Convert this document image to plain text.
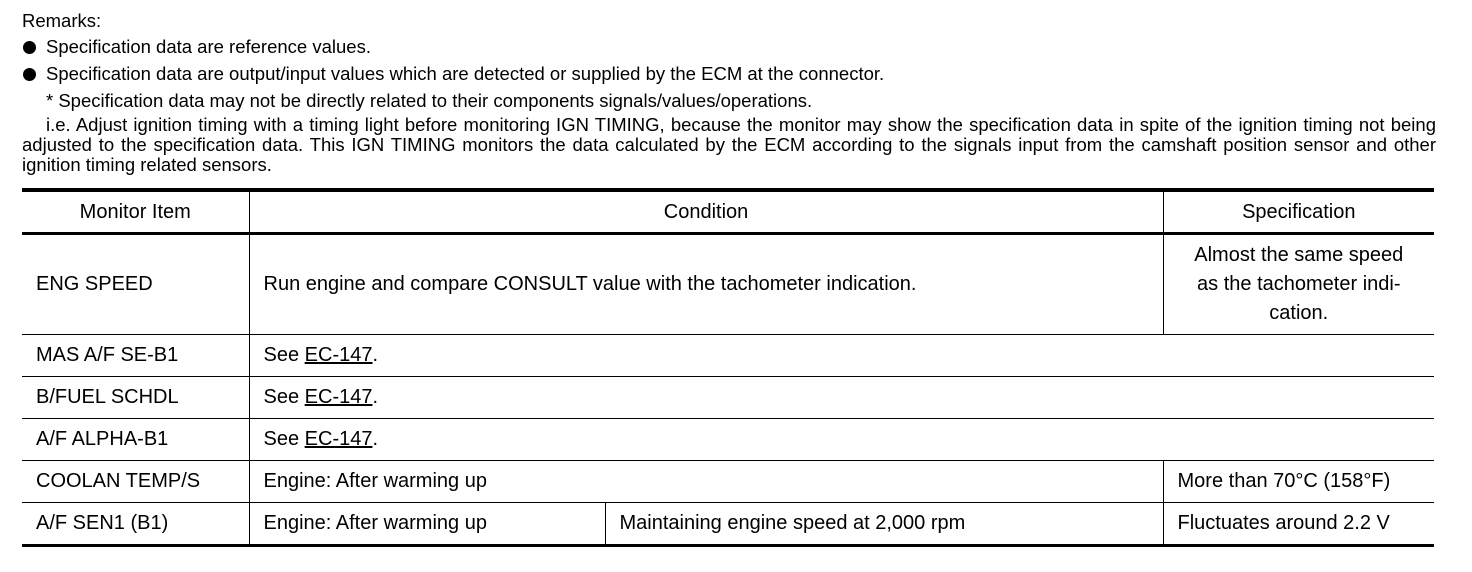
Remarks:
Specification data are reference values.
Specification data are output/input values which are detected or supplied by the ECM at the connector.
* Specification data may not be directly related to their components signals/values/operations.
i.e. Adjust ignition timing with a timing light before monitoring IGN TIMING, because the monitor may show the specification data in spite of the ignition timing not being adjusted to the specification data. This IGN TIMING monitors the data calculated by the ECM according to the signals input from the camshaft position sensor and other ignition timing related sensors.
Monitor Item	Condition		Specification
ENG SPEED	Run engine and compare CONSULT value with the tachometer indication.		Almost the same speed
as the tachometer indi-
cation.

MAS A/F SE-B1	See EC-147.		
B/FUEL SCHDL	See EC-147.		
A/F ALPHA-B1	See EC-147.		
COOLAN TEMP/S	Engine: After warming up		More than 70°C (158°F)
A/F SEN1 (B1)	Engine: After warming up	Maintaining engine speed at 2,000 rpm	Fluctuates around 2.2 V
